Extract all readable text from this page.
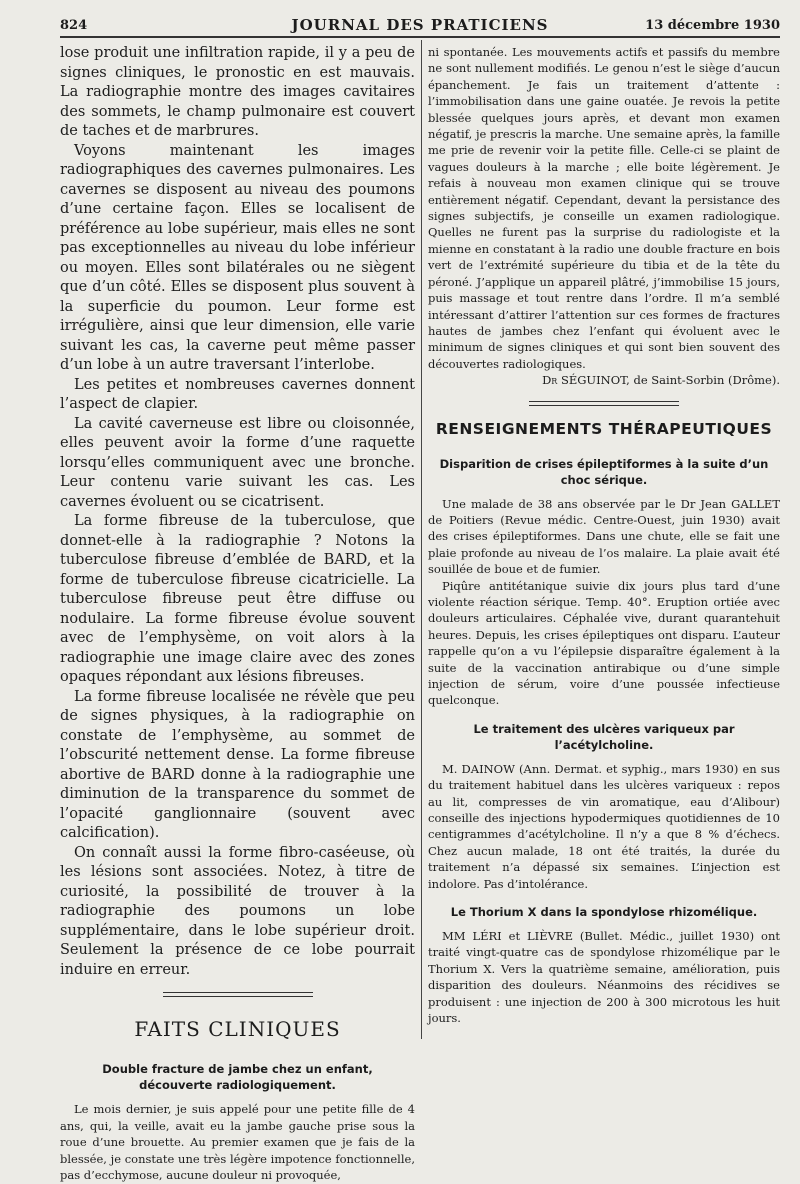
824	JOURNAL DES PRATICIENS	13 décembre 1930

lose produit une infiltration rapide, il y a peu de signes cliniques, le pronostic en est mauvais. La radiographie montre des images cavitaires des sommets, le champ pulmonaire est couvert de taches et de marbrures.

Voyons maintenant les images radiographiques des cavernes pulmonaires. Les cavernes se disposent au niveau des poumons d’une certaine façon. Elles se localisent de préférence au lobe supérieur, mais elles ne sont pas exceptionnelles au niveau du lobe inférieur ou moyen. Elles sont bilatérales ou ne siègent que d’un côté. Elles se disposent plus souvent à la superficie du poumon. Leur forme est irrégulière, ainsi que leur dimension, elle varie suivant les cas, la caverne peut même passer d’un lobe à un autre traversant l’interlobe.

Les petites et nombreuses cavernes donnent l’aspect de clapier.

La cavité caverneuse est libre ou cloisonnée, elles peuvent avoir la forme d’une raquette lorsqu’elles communiquent avec une bronche. Leur contenu varie suivant les cas. Les cavernes évoluent ou se cicatrisent.

La forme fibreuse de la tuberculose, que donnet-elle à la radiographie ? Notons la tuberculose fibreuse d’emblée de BARD, et la forme de tuberculose fibreuse cicatricielle. La tuberculose fibreuse peut être diffuse ou nodulaire. La forme fibreuse évolue souvent avec de l’emphysème, on voit alors à la radiographie une image claire avec des zones opaques répondant aux lésions fibreuses.

La forme fibreuse localisée ne révèle que peu de signes physiques, à la radiographie on constate de l’emphysème, au sommet de l’obscurité nettement dense. La forme fibreuse abortive de BARD donne à la radiographie une diminution de la transparence du sommet de l’opacité ganglionnaire (souvent avec calcification).

On connaît aussi la forme fibro-caséeuse, où les lésions sont associées. Notez, à titre de curiosité, la possibilité de trouver à la radiographie des poumons un lobe supplémentaire, dans le lobe supérieur droit. Seulement la présence de ce lobe pourrait induire en erreur.

FAITS CLINIQUES
Double fracture de jambe chez un enfant, découverte radiologiquement.

Le mois dernier, je suis appelé pour une petite fille de 4 ans, qui, la veille, avait eu la jambe gauche prise sous la roue d’une brouette. Au premier examen que je fais de la blessée, je constate une très légère impotence fonctionnelle, pas d’ecchymose, aucune douleur ni provoquée,

ni spontanée. Les mouvements actifs et passifs du membre ne sont nullement modifiés. Le genou n’est le siège d’aucun épanchement. Je fais un traitement d’attente : l’immobilisation dans une gaine ouatée. Je revois la petite blessée quelques jours après, et devant mon examen négatif, je prescris la marche. Une semaine après, la famille me prie de revenir voir la petite fille. Celle-ci se plaint de vagues douleurs à la marche ; elle boite légèrement. Je refais à nouveau mon examen clinique qui se trouve entièrement négatif. Cependant, devant la persistance des signes subjectifs, je conseille un examen radiologique. Quelles ne furent pas la surprise du radiologiste et la mienne en constatant à la radio une double fracture en bois vert de l’extrémité supérieure du tibia et de la tête du péroné. J’applique un appareil plâtré, j’immobilise 15 jours, puis massage et tout rentre dans l’ordre. Il m’a semblé intéressant d’attirer l’attention sur ces formes de fractures hautes de jambes chez l’enfant qui évoluent avec le minimum de signes cliniques et qui sont bien souvent des découvertes radiologiques.

Dr SÉGUINOT, de Saint-Sorbin (Drôme).

RENSEIGNEMENTS THÉRAPEUTIQUES
Disparition de crises épileptiformes à la suite d’un choc sérique.

Une malade de 38 ans observée par le Dr Jean GALLET de Poitiers (Revue médic. Centre-Ouest, juin 1930) avait des crises épileptiformes. Dans une chute, elle se fait une plaie profonde au niveau de l’os malaire. La plaie avait été souillée de boue et de fumier.

Piqûre antitétanique suivie dix jours plus tard d’une violente réaction sérique. Temp. 40°. Eruption ortiée avec douleurs articulaires. Céphalée vive, durant quarantehuit heures. Depuis, les crises épileptiques ont disparu. L’auteur rappelle qu’on a vu l’épilepsie disparaître également à la suite de la vaccination antirabique ou d’une simple injection de sérum, voire d’une poussée infectieuse quelconque.

Le traitement des ulcères variqueux par l’acétylcholine.

M. DAINOW (Ann. Dermat. et syphig., mars 1930) en sus du traitement habituel dans les ulcères variqueux : repos au lit, compresses de vin aromatique, eau d’Alibour) conseille des injections hypodermiques quotidiennes de 10 centigrammes d’acétylcholine. Il n’y a que 8 % d’échecs. Chez aucun malade, 18 ont été traités, la durée du traitement n’a dépassé six semaines. L’injection est indolore. Pas d’intolérance.

Le Thorium X dans la spondylose rhizomélique.

MM LÉRI et LIÈVRE (Bullet. Médic., juillet 1930) ont traité vingt-quatre cas de spondylose rhizomélique par le Thorium X. Vers la quatrième semaine, amélioration, puis disparition des douleurs. Néanmoins des récidives se produisent : une injection de 200 à 300 microtous les huit jours.
